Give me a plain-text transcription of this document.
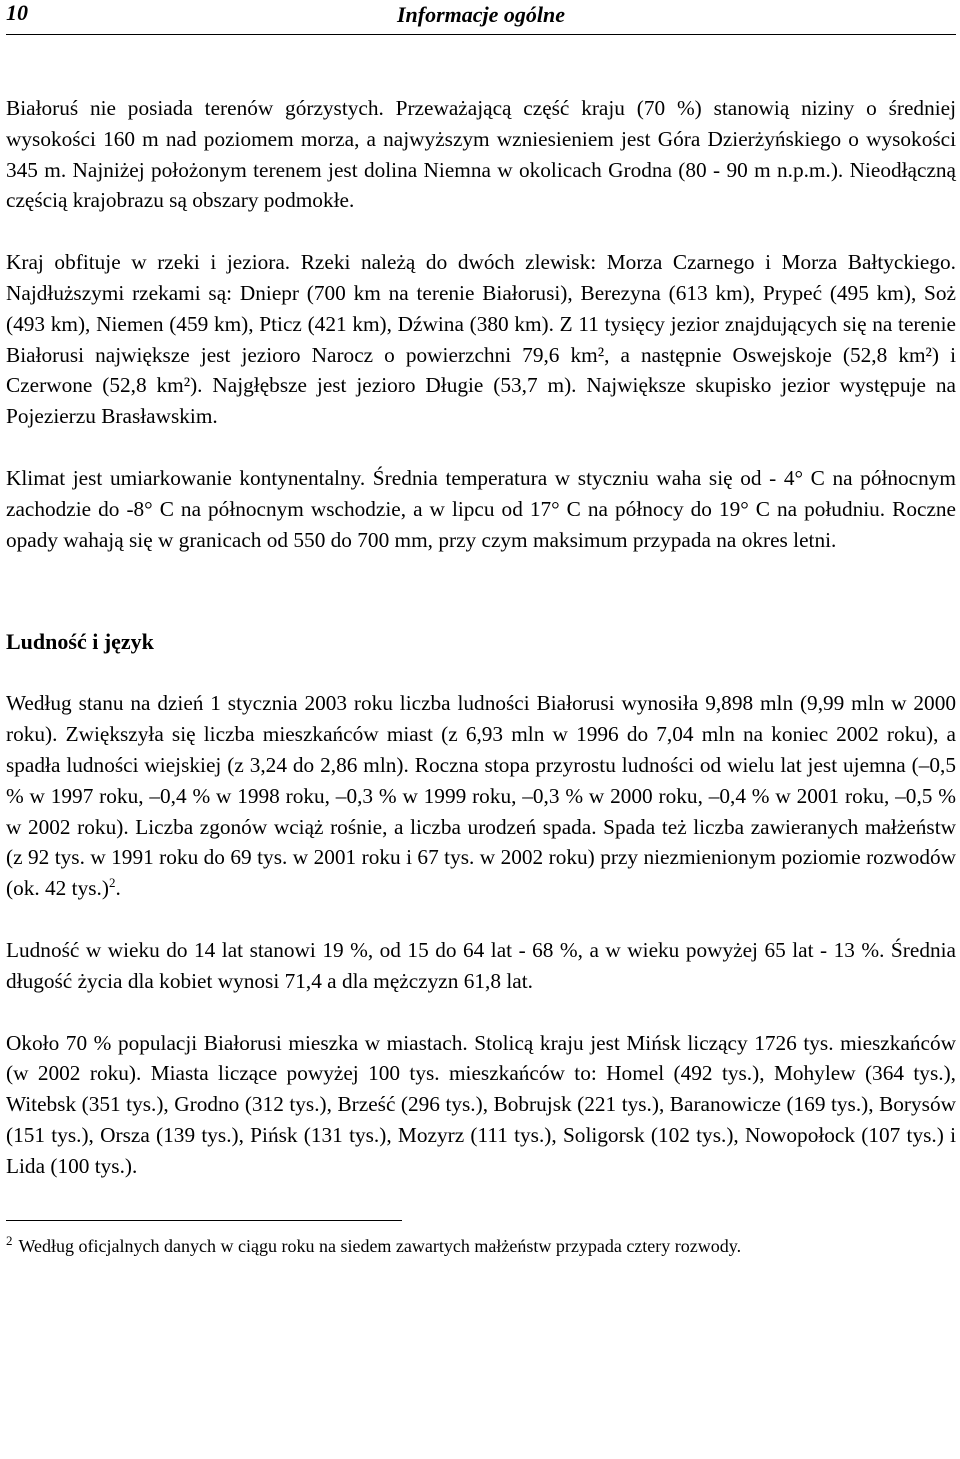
10	Informacje ogólne

Białoruś nie posiada terenów górzystych. Przeważającą część kraju (70 %) stanowią niziny o średniej wysokości 160 m nad poziomem morza, a najwyższym wzniesieniem jest Góra Dzierżyńskiego o wysokości 345 m. Najniżej położonym terenem jest dolina Niemna w okolicach Grodna (80 - 90 m n.p.m.). Nieodłączną częścią krajobrazu są obszary podmokłe.

Kraj obfituje w rzeki i jeziora. Rzeki należą do dwóch zlewisk: Morza Czarnego i Morza Bałtyckiego. Najdłuższymi rzekami są: Dniepr (700 km na terenie Białorusi), Berezyna (613 km), Prypeć (495 km), Soż (493 km), Niemen (459 km), Pticz (421 km), Dźwina (380 km). Z 11 tysięcy jezior znajdujących się na terenie Białorusi największe jest jezioro Narocz o powierzchni 79,6 km², a następnie Oswejskoje (52,8 km²) i Czerwone (52,8 km²). Najgłębsze jest jezioro Długie (53,7 m). Największe skupisko jezior występuje na Pojezierzu Brasławskim.

Klimat jest umiarkowanie kontynentalny. Średnia temperatura w styczniu waha się od - 4° C na północnym zachodzie do -8° C na północnym wschodzie, a w lipcu od 17° C na północy do 19° C na południu. Roczne opady wahają się w granicach od 550 do 700 mm, przy czym maksimum przypada na okres letni.

Ludność i język

Według stanu na dzień 1 stycznia 2003 roku liczba ludności Białorusi wynosiła 9,898 mln (9,99 mln w 2000 roku). Zwiększyła się liczba mieszkańców miast (z 6,93 mln w 1996 do 7,04 mln na koniec 2002 roku), a spadła ludności wiejskiej (z 3,24 do 2,86 mln). Roczna stopa przyrostu ludności od wielu lat jest ujemna (–0,5 % w 1997 roku, –0,4 % w 1998 roku, –0,3 % w 1999 roku, –0,3 % w 2000 roku, –0,4 % w 2001 roku, –0,5 % w 2002 roku). Liczba zgonów wciąż rośnie, a liczba urodzeń spada. Spada też liczba zawieranych małżeństw (z 92 tys. w 1991 roku do 69 tys. w 2001 roku i 67 tys. w 2002 roku) przy niezmienionym poziomie rozwodów (ok. 42 tys.)$^2$.

Ludność w wieku do 14 lat stanowi 19 %, od 15 do 64 lat - 68 %, a w wieku powyżej 65 lat - 13 %. Średnia długość życia dla kobiet wynosi 71,4 a dla mężczyzn 61,8 lat.

Około 70 % populacji Białorusi mieszka w miastach. Stolicą kraju jest Mińsk liczący 1726 tys. mieszkańców (w 2002 roku). Miasta liczące powyżej 100 tys. mieszkańców to: Homel (492 tys.), Mohylew (364 tys.), Witebsk (351 tys.), Grodno (312 tys.), Brześć (296 tys.), Bobrujsk (221 tys.), Baranowicze (169 tys.), Borysów (151 tys.), Orsza (139 tys.), Pińsk (131 tys.), Mozyrz (111 tys.), Soligorsk (102 tys.), Nowopołock (107 tys.) i Lida (100 tys.).

$^2$ Według oficjalnych danych w ciągu roku na siedem zawartych małżeństw przypada cztery rozwody.
